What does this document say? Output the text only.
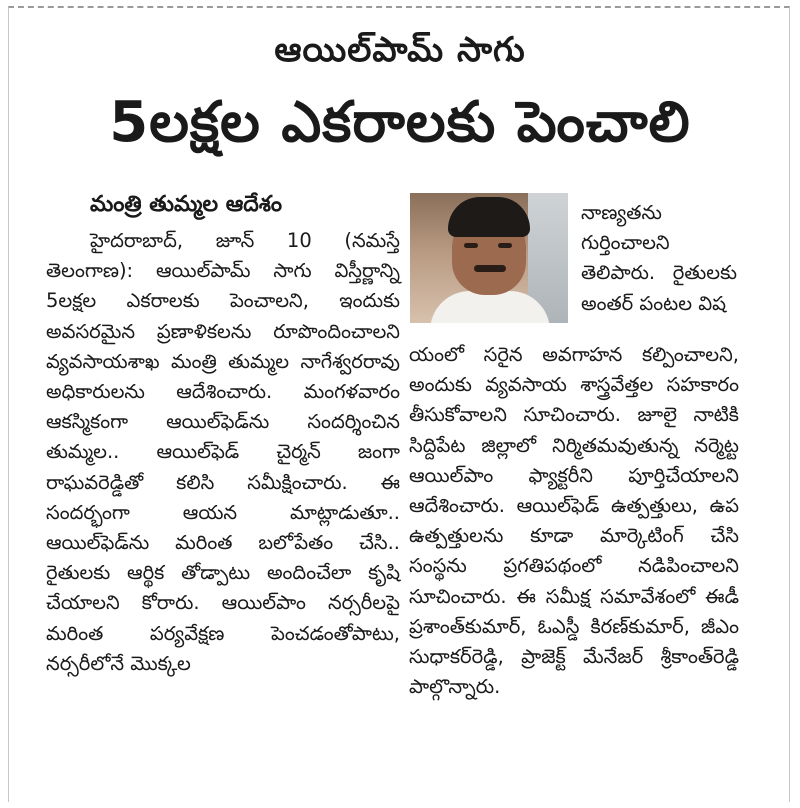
ఆయిల్‌పామ్‌ సాగు
5లక్షల ఎకరాలకు పెంచాలి
మంత్రి తుమ్మల ఆదేశం

హైదరాబాద్‌, జూన్‌ 10 (నమస్తే తెలంగాణ): ఆయిల్‌పామ్‌ సాగు విస్తీర్ణాన్ని 5లక్షల ఎకరాలకు పెంచాలని, ఇందుకు అవసరమైన ప్రణాళికలను రూపొందించాలని వ్యవసాయశాఖ మంత్రి తుమ్మల నాగేశ్వరరావు అధికారులను ఆదేశించారు. మంగళవారం ఆకస్మికంగా ఆయిల్‌ఫెడ్‌ను సందర్శించిన తుమ్మల.. ఆయిల్‌ఫెడ్‌ చైర్మన్‌ జంగా రాఘవరెడ్డితో కలిసి సమీక్షించారు. ఈ సందర్భంగా ఆయన మాట్లాడుతూ.. ఆయిల్‌ఫెడ్‌ను మరింత బలోపేతం చేసి.. రైతులకు ఆర్థిక తోడ్పాటు అందించేలా కృషి చేయాలని కోరారు. ఆయిల్‌పాం నర్సరీలపై మరింత పర్యవేక్షణ పెంచడంతోపాటు, నర్సరీలోనే మొక్కల

నాణ్యతను గుర్తించాలని తెలిపారు. రైతులకు అంతర్‌ పంటల విష
యంలో సరైన అవగాహన కల్పించాలని, అందుకు వ్యవసాయ శాస్త్రవేత్తల సహకారం తీసుకోవాలని సూచించారు. జూలై నాటికి సిద్దిపేట జిల్లాలో నిర్మితమవుతున్న నర్మెట్ట ఆయిల్‌పాం ఫ్యాక్టరీని పూర్తిచేయాలని ఆదేశించారు. ఆయిల్‌ఫెడ్‌ ఉత్పత్తులు, ఉప ఉత్పత్తులను కూడా మార్కెటింగ్‌ చేసి సంస్థను ప్రగతిపథంలో నడిపించాలని సూచించారు. ఈ సమీక్ష సమావేశంలో ఈడీ ప్రశాంత్‌కుమార్‌, ఓఎస్డీ కిరణ్‌కుమార్‌, జీఎం సుధాకర్‌రెడ్డి, ప్రాజెక్ట్‌ మేనేజర్‌ శ్రీకాంత్‌రెడ్డి పాల్గొన్నారు.
